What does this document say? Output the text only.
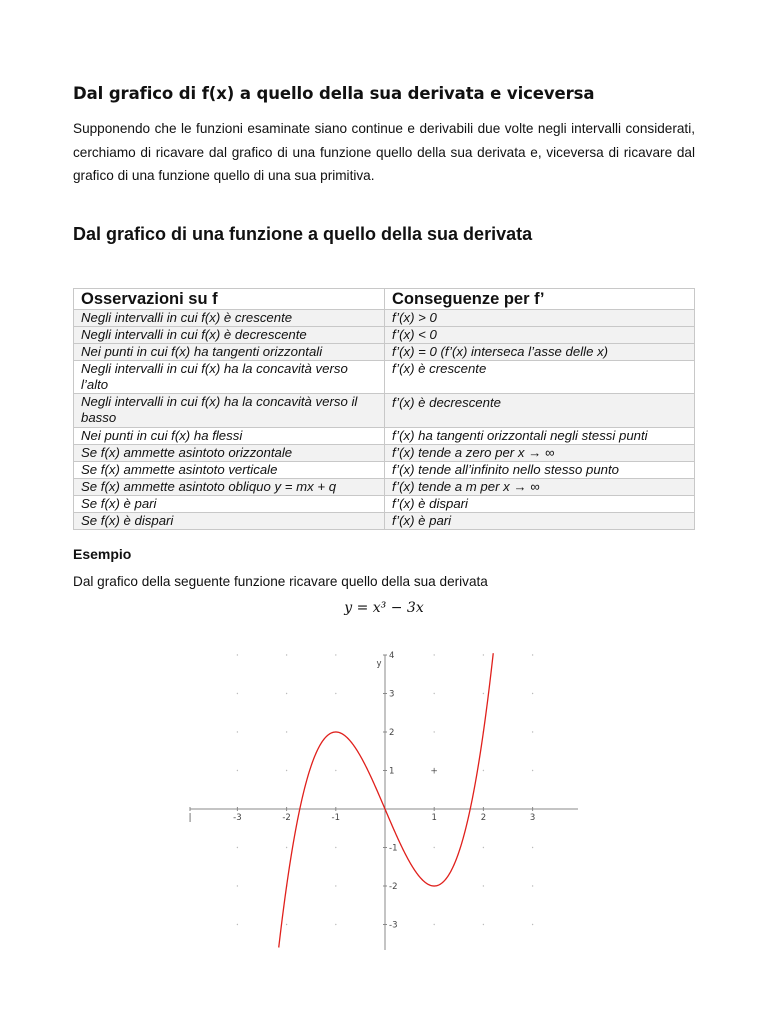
Dal grafico di f(x) a quello della sua derivata e viceversa

Supponendo che le funzioni esaminate siano continue e derivabili due volte negli intervalli considerati, cerchiamo di ricavare dal grafico di una funzione quello della sua derivata e, viceversa di ricavare dal grafico di una funzione quello di una sua primitiva.

Dal grafico di una funzione a quello della sua derivata
Osservazioni su f	Conseguenze per f’
Negli intervalli in cui f(x) è crescente	f’(x) > 0
Negli intervalli in cui f(x) è decrescente	f’(x) < 0
Nei punti in cui f(x) ha tangenti orizzontali	f’(x) = 0 (f’(x) interseca l’asse delle x)
Negli intervalli in cui f(x) ha la concavità verso l’alto	f’(x) è crescente
Negli intervalli in cui f(x) ha la concavità verso il basso	f’(x) è decrescente
Nei punti in cui f(x) ha flessi	f’(x) ha tangenti orizzontali negli stessi punti
Se f(x) ammette asintoto orizzontale	f’(x) tende a zero per x → ∞
Se f(x) ammette asintoto verticale	f’(x) tende all’infinito nello stesso punto
Se f(x) ammette asintoto obliquo y = mx + q	f’(x) tende a m per x → ∞
Se f(x) è pari	f’(x) è dispari
Se f(x) è dispari	f’(x) è pari
Esempio

Dal grafico della seguente funzione ricavare quello della sua derivata

y = x³ − 3x
|	-3	-2	-1	1	2	3
-3
-2
-1
1
2
3
4
y
+
